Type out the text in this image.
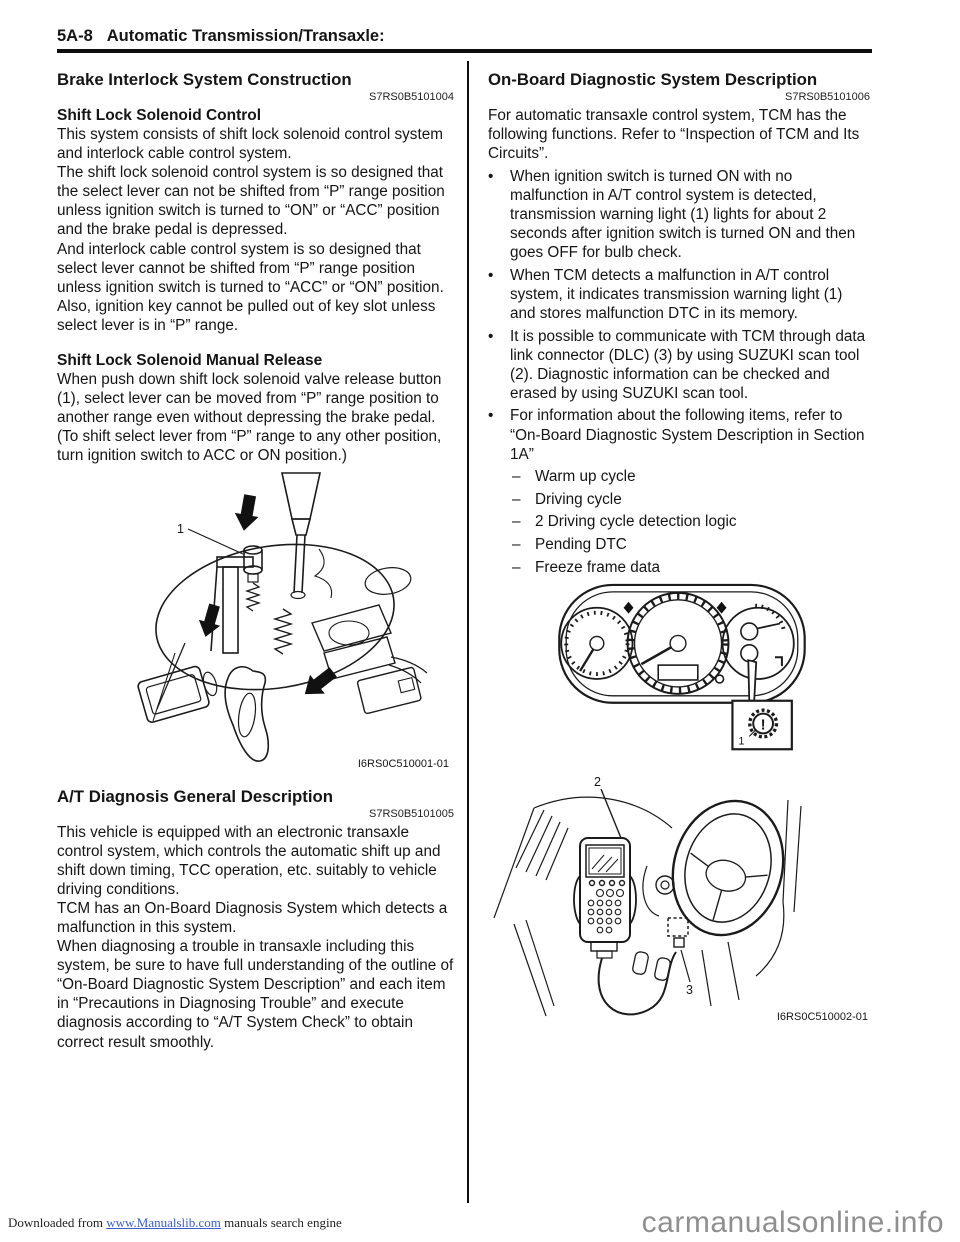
5A-8 Automatic Transmission/Transaxle:
Brake Interlock System Construction
S7RS0B5101004
Shift Lock Solenoid Control

This system consists of shift lock solenoid control system and interlock cable control system.

The shift lock solenoid control system is so designed that the select lever can not be shifted from “P” range position unless ignition switch is turned to “ON” or “ACC” position and the brake pedal is depressed.

And interlock cable control system is so designed that select lever cannot be shifted from “P” range position unless ignition switch is turned to “ACC” or “ON” position. Also, ignition key cannot be pulled out of key slot unless select lever is in “P” range.

Shift Lock Solenoid Manual Release

When push down shift lock solenoid valve release button (1), select lever can be moved from “P” range position to another range even without depressing the brake pedal. (To shift select lever from “P” range to any other position, turn ignition switch to ACC or ON position.)

1
I6RS0C510001-01
A/T Diagnosis General Description
S7RS0B5101005

This vehicle is equipped with an electronic transaxle control system, which controls the automatic shift up and shift down timing, TCC operation, etc. suitably to vehicle driving conditions.

TCM has an On-Board Diagnosis System which detects a malfunction in this system.

When diagnosing a trouble in transaxle including this system, be sure to have full understanding of the outline of “On-Board Diagnostic System Description” and each item in “Precautions in Diagnosing Trouble” and execute diagnosis according to “A/T System Check” to obtain correct result smoothly.

On-Board Diagnostic System Description
S7RS0B5101006

For automatic transaxle control system, TCM has the following functions. Refer to “Inspection of TCM and Its Circuits”.

•	When ignition switch is turned ON with no malfunction in A/T control system is detected, transmission warning light (1) lights for about 2 seconds after ignition switch is turned ON and then goes OFF for bulb check.
•	When TCM detects a malfunction in A/T control system, it indicates transmission warning light (1) and stores malfunction DTC in its memory.
•	It is possible to communicate with TCM through data link connector (DLC) (3) by using SUZUKI scan tool (2). Diagnostic information can be checked and erased by using SUZUKI scan tool.
•	For information about the following items, refer to “On-Board Diagnostic System Description in Section 1A”
– Warm up cycle
– Driving cycle
– 2 Driving cycle detection logic
– Pending DTC
– Freeze frame data
!
1
2
3
I6RS0C510002-01
Downloaded from www.Manualslib.com manuals search engine	carmanualsonline.info
